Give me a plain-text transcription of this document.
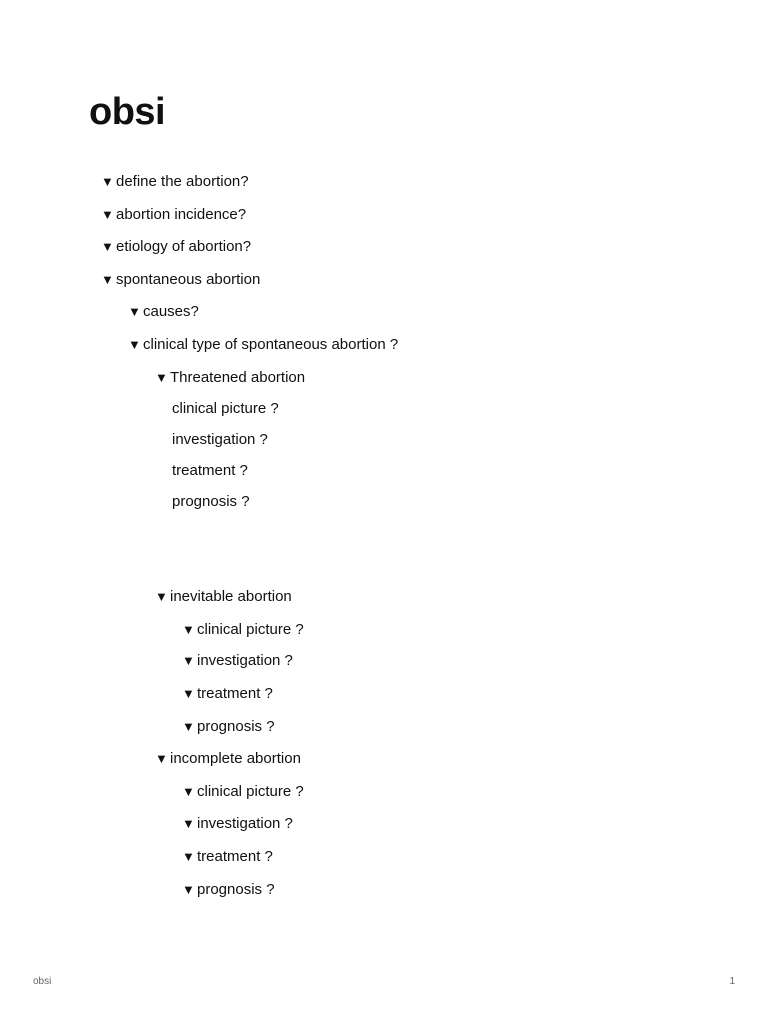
obsi
▼ define the abortion?
▼ abortion incidence?
▼ etiology of abortion?
▼ spontaneous abortion
▼ causes?
▼ clinical type of spontaneous abortion ?
▼ Threatened abortion
clinical picture ?
investigation ?
treatment ?
prognosis ?
▼ inevitable abortion
▼ clinical picture ?
▼ investigation ?
▼ treatment ?
▼ prognosis ?
▼ incomplete abortion
▼ clinical picture ?
▼ investigation ?
▼ treatment ?
▼ prognosis ?
obsi	1
